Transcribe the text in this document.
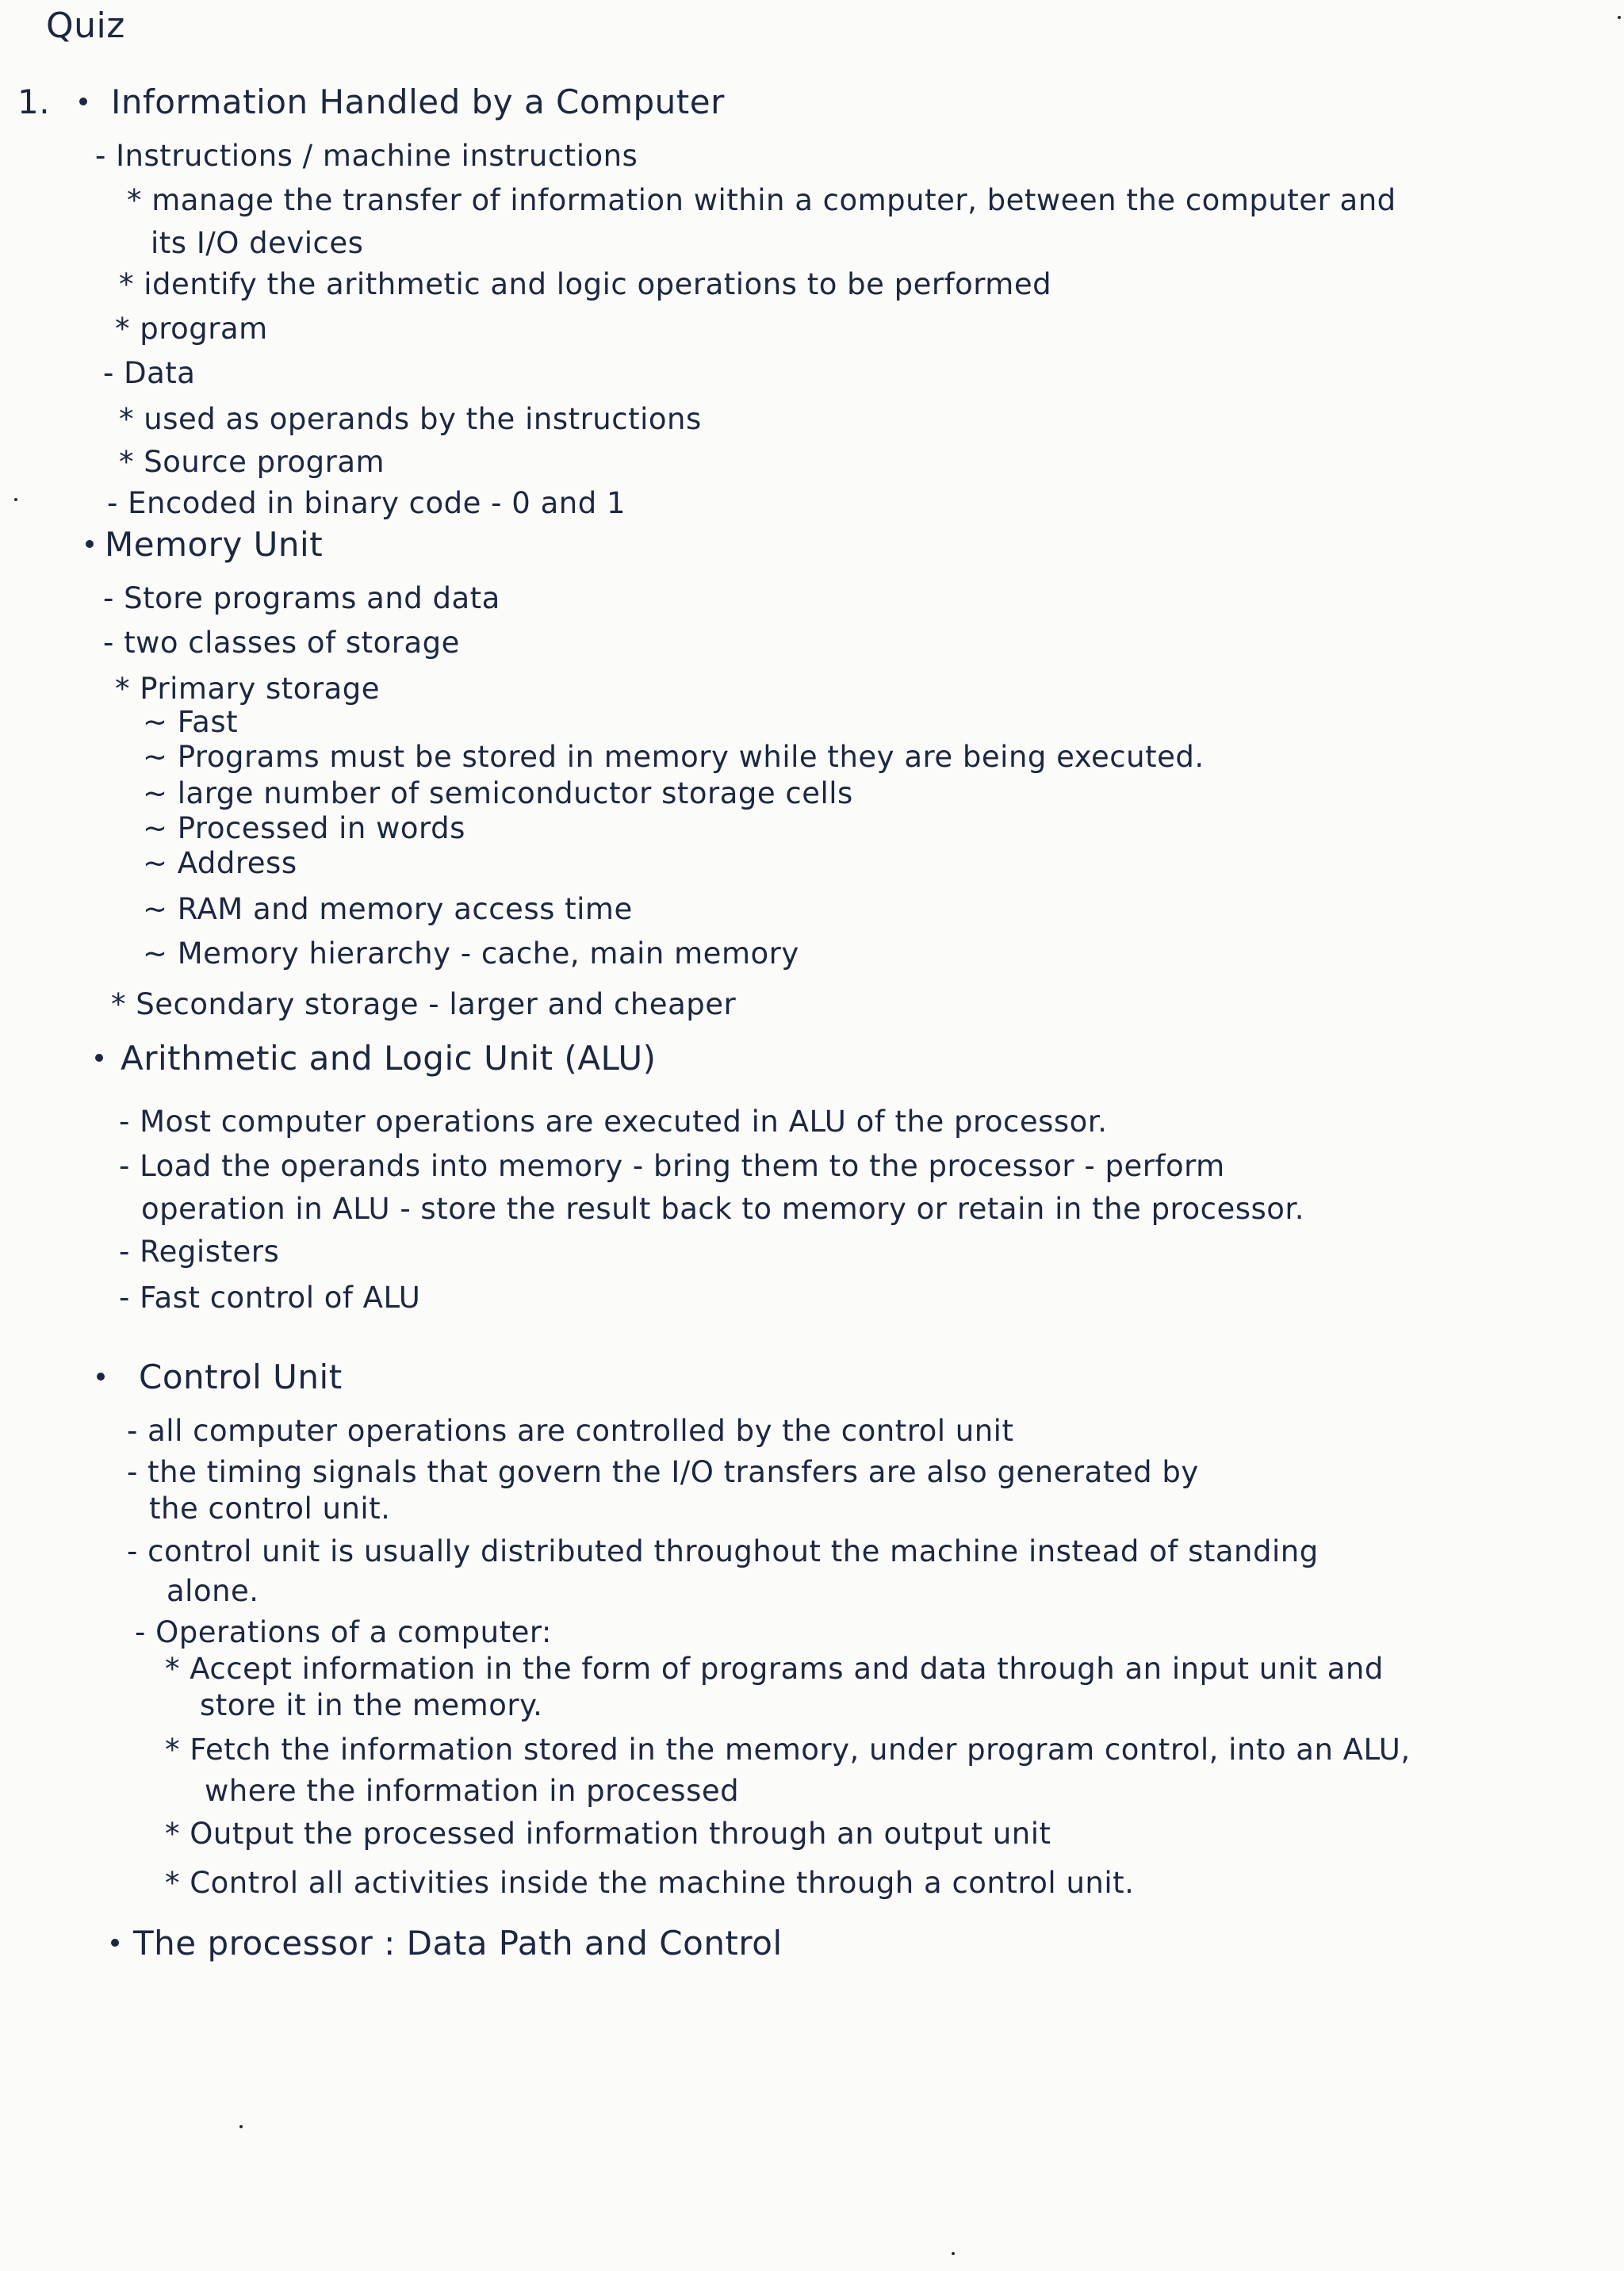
Quiz
1. Information Handled by a Computer
- Instructions / machine instructions
* manage the transfer of information within a computer, between the computer and
its I/O devices
* identify the arithmetic and logic operations to be performed
* program
- Data
* used as operands by the instructions
* Source program
- Encoded in binary code - 0 and 1
Memory Unit
- Store programs and data
- two classes of storage
* Primary storage
~ Fast
~ Programs must be stored in memory while they are being executed.
~ large number of semiconductor storage cells
~ Processed in words
~ Address
~ RAM and memory access time
~ Memory hierarchy - cache, main memory
* Secondary storage - larger and cheaper
Arithmetic and Logic Unit (ALU)
- Most computer operations are executed in ALU of the processor.
- Load the operands into memory - bring them to the processor - perform
operation in ALU - store the result back to memory or retain in the processor.
- Registers
- Fast control of ALU
Control Unit
- all computer operations are controlled by the control unit
- the timing signals that govern the I/O transfers are also generated by
the control unit.
- control unit is usually distributed throughout the machine instead of standing
alone.
- Operations of a computer:
* Accept information in the form of programs and data through an input unit and
store it in the memory.
* Fetch the information stored in the memory, under program control, into an ALU,
where the information in processed
* Output the processed information through an output unit
* Control all activities inside the machine through a control unit.
The processor : Data Path and Control
